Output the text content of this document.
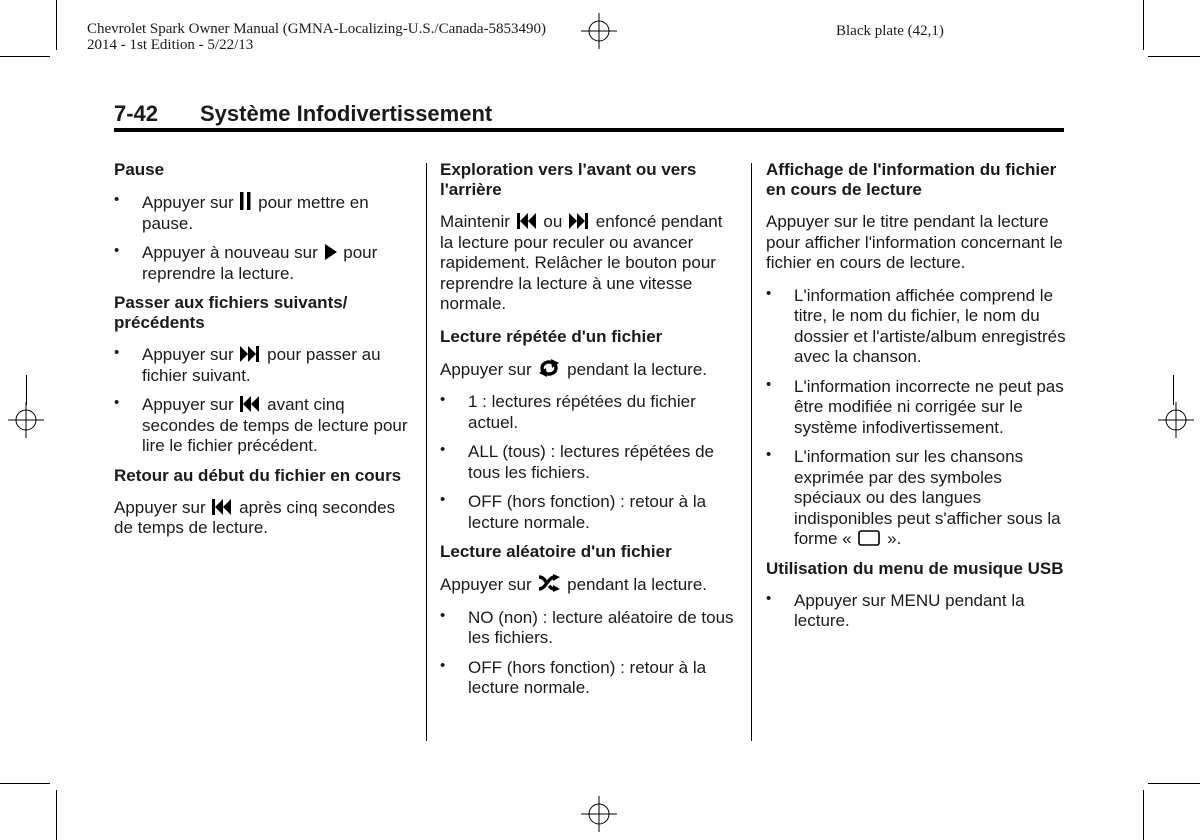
Chevrolet Spark Owner Manual (GMNA-Localizing-U.S./Canada-5853490)
2014 - 1st Edition - 5/22/13
Black plate (42,1)
7-42 Système Infodivertissement
Pause
• Appuyer sur pour mettre en pause.
• Appuyer à nouveau sur pour reprendre la lecture.
Passer aux fichiers suivants/ précédents
• Appuyer sur pour passer au fichier suivant.
• Appuyer sur avant cinq secondes de temps de lecture pour lire le fichier précédent.
Retour au début du fichier en cours

Appuyer sur après cinq secondes de temps de lecture.

Exploration vers l'avant ou vers l'arrière

Maintenir ou enfoncé pendant la lecture pour reculer ou avancer rapidement. Relâcher le bouton pour reprendre la lecture à une vitesse normale.

Lecture répétée d'un fichier

Appuyer sur pendant la lecture.

• 1 : lectures répétées du fichier actuel.
• ALL (tous) : lectures répétées de tous les fichiers.
• OFF (hors fonction) : retour à la lecture normale.
Lecture aléatoire d'un fichier

Appuyer sur pendant la lecture.

• NO (non) : lecture aléatoire de tous les fichiers.
• OFF (hors fonction) : retour à la lecture normale.
Affichage de l'information du fichier en cours de lecture

Appuyer sur le titre pendant la lecture pour afficher l'information concernant le fichier en cours de lecture.

• L'information affichée comprend le titre, le nom du fichier, le nom du dossier et l'artiste/album enregistrés avec la chanson.
• L'information incorrecte ne peut pas être modifiée ni corrigée sur le système infodivertissement.
• L'information sur les chansons exprimée par des symboles spéciaux ou des langues indisponibles peut s'afficher sous la forme « ».
Utilisation du menu de musique USB
• Appuyer sur MENU pendant la lecture.
